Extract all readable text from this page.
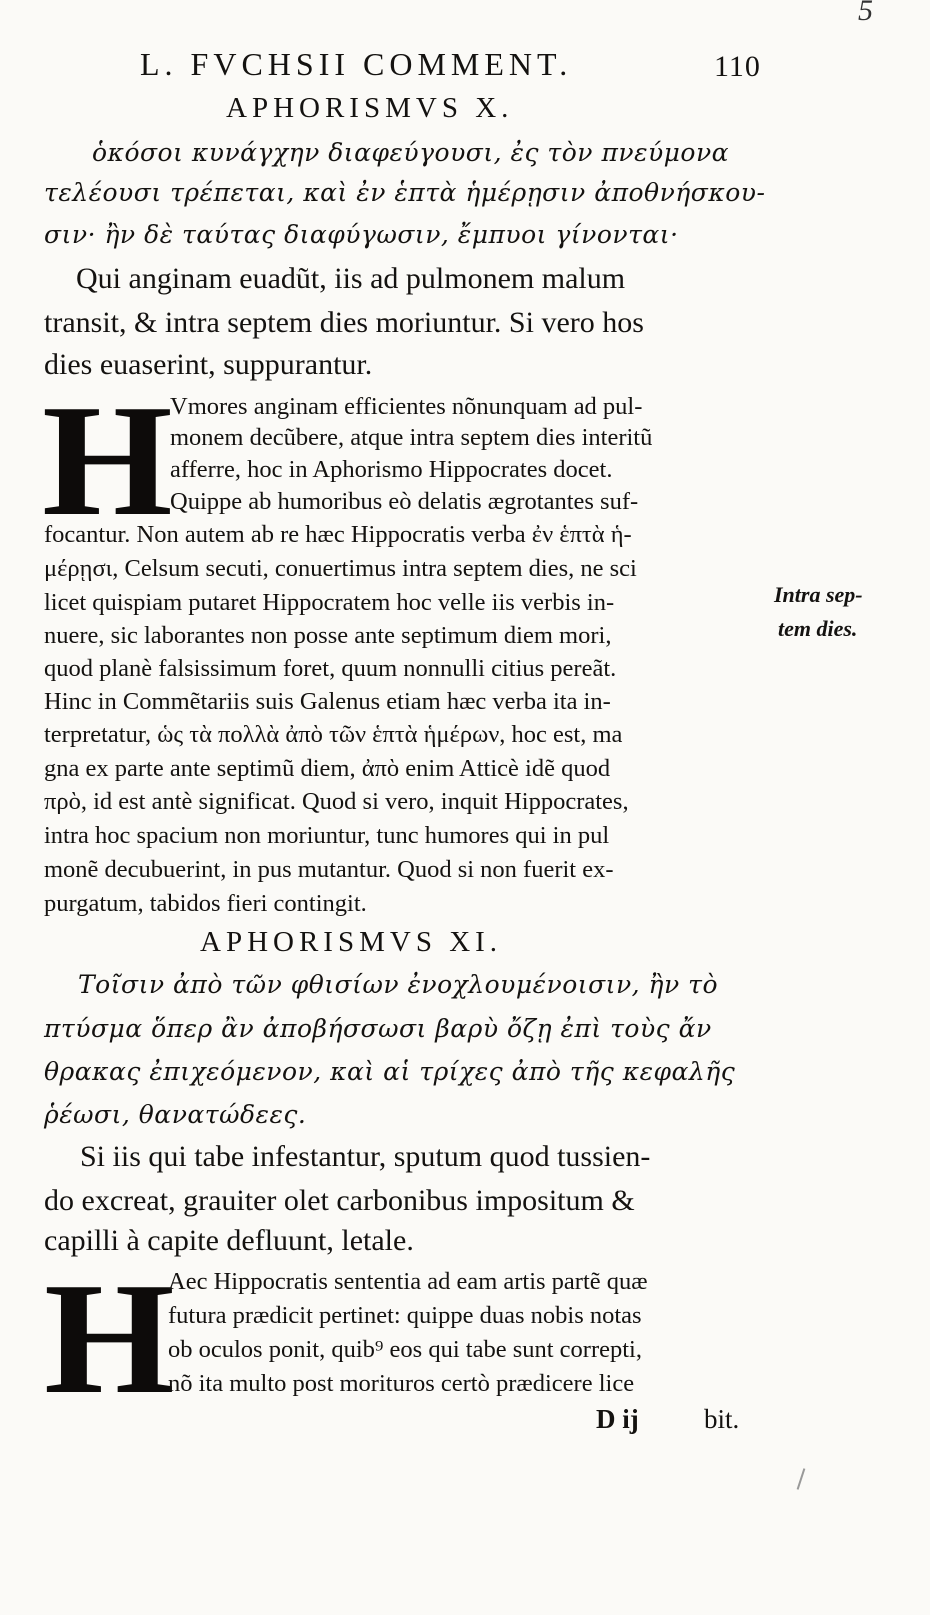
5
L. FVCHSII COMMENT.	110
APHORISMVS X.
ὁκόσοι κυνάγχην διαφεύγουσι, ἐς τὸν πνεύμονα
τελέουσι τρέπεται, καὶ ἐν ἑπτὰ ἡμέρῃσιν ἀποθνήσκου-
σιν· ἢν δὲ ταύτας διαφύγωσιν, ἔμπυοι γίνονται·
Qui anginam euadũt, iis ad pulmonem malum
transit, & intra septem dies moriuntur. Si vero hos
dies euaserint, suppurantur.
H
Vmores anginam efficientes nõnunquam ad pul-
monem decũbere, atque intra septem dies interitũ
afferre, hoc in Aphorismo Hippocrates docet.
Quippe ab humoribus eò delatis ægrotantes suf-
focantur. Non autem ab re hæc Hippocratis verba ἐν ἑπτὰ ἡ-
μέρῃσι, Celsum secuti, conuertimus intra septem dies, ne sci
licet quispiam putaret Hippocratem hoc velle iis verbis in-
nuere, sic laborantes non posse ante septimum diem mori,
quod planè falsissimum foret, quum nonnulli citius pereãt.
Hinc in Commẽtariis suis Galenus etiam hæc verba ita in-
terpretatur, ὡς τὰ πολλὰ ἀπὸ τῶν ἑπτὰ ἡμέρων, hoc est, ma
gna ex parte ante septimũ diem, ἀπὸ enim Atticè idẽ quod
πρὸ, id est antè significat. Quod si vero, inquit Hippocrates,
intra hoc spacium non moriuntur, tunc humores qui in pul
monẽ decubuerint, in pus mutantur. Quod si non fuerit ex-
purgatum, tabidos fieri contingit.
Intra sep-
tem dies.
APHORISMVS XI.
Τοῖσιν ἀπὸ τῶν φθισίων ἐνοχλουμένοισιν, ἢν τὸ
πτύσμα ὅπερ ἂν ἀποβήσσωσι βαρὺ ὄζῃ ἐπὶ τοὺς ἄν
θρακας ἐπιχεόμενον, καὶ αἱ τρίχες ἀπὸ τῆς κεφαλῆς
ῥέωσι, θανατώδεες.
Si iis qui tabe infestantur, sputum quod tussien-
do excreat, grauiter olet carbonibus impositum &
capilli à capite defluunt, letale.
H
Aec Hippocratis sententia ad eam artis partẽ quæ
futura prædicit pertinet: quippe duas nobis notas
ob oculos ponit, quib⁹ eos qui tabe sunt correpti,
nõ ita multo post morituros certò prædicere lice
D ij bit.
